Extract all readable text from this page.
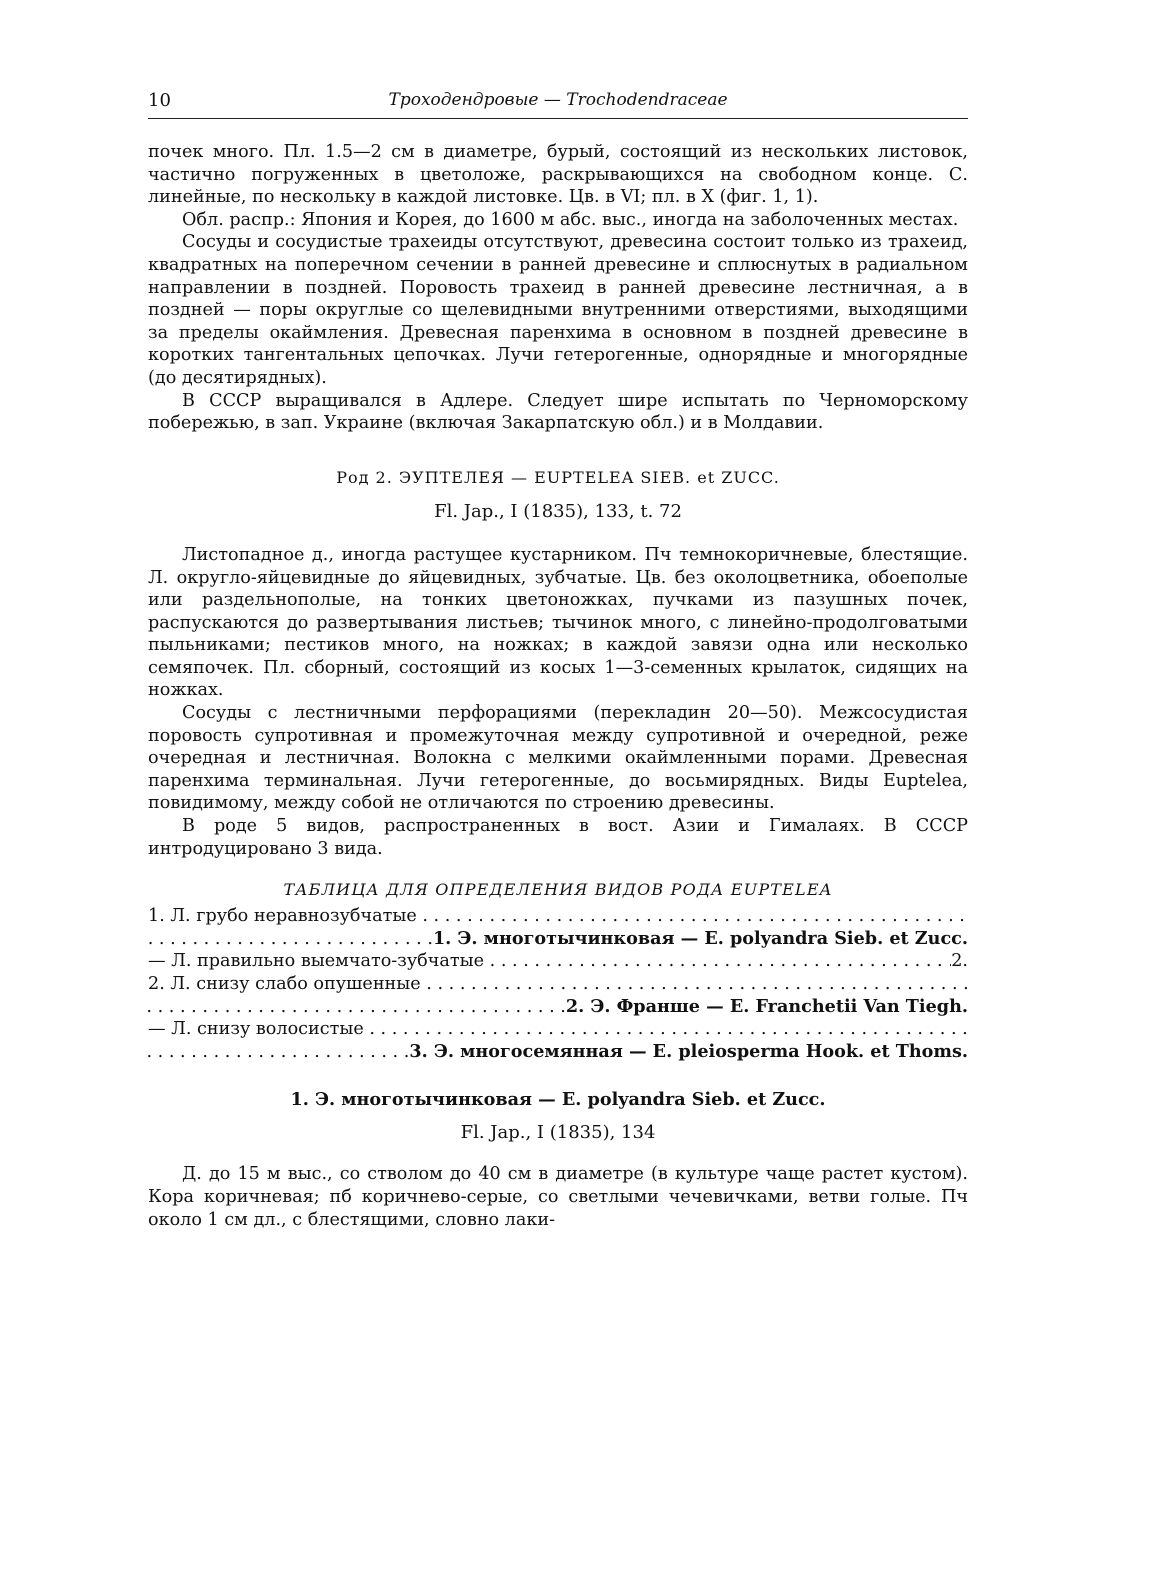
10	Троходендровые — Trochodendraceae

почек много. Пл. 1.5—2 см в диаметре, бурый, состоящий из нескольких листовок, частично погруженных в цветоложе, раскрывающихся на свободном конце. С. линейные, по нескольку в каждой листовке. Цв. в VI; пл. в X (фиг. 1, 1).

Обл. распр.: Япония и Корея, до 1600 м абс. выс., иногда на заболоченных местах.

Сосуды и сосудистые трахеиды отсутствуют, древесина состоит только из трахеид, квадратных на поперечном сечении в ранней древесине и сплюснутых в радиальном направлении в поздней. Поровость трахеид в ранней древесине лестничная, а в поздней — поры округлые со щелевидными внутренними отверстиями, выходящими за пределы окаймления. Древесная паренхима в основном в поздней древесине в коротких тангентальных цепочках. Лучи гетерогенные, однорядные и многорядные (до десятирядных).

В СССР выращивался в Адлере. Следует шире испытать по Черноморскому побережью, в зап. Украине (включая Закарпатскую обл.) и в Молдавии.

Род 2. ЭУПТЕЛЕЯ — EUPTELEA SIEB. et ZUCC.
Fl. Jap., I (1835), 133, t. 72

Листопадное д., иногда растущее кустарником. Пч темнокоричневые, блестящие. Л. округло-яйцевидные до яйцевидных, зубчатые. Цв. без околоцветника, обоеполые или раздельнополые, на тонких цветоножках, пучками из пазушных почек, распускаются до развертывания листьев; тычинок много, с линейно-продолговатыми пыльниками; пестиков много, на ножках; в каждой завязи одна или несколько семяпочек. Пл. сборный, состоящий из косых 1—3-семенных крылаток, сидящих на ножках.

Сосуды с лестничными перфорациями (перекладин 20—50). Межсосудистая поровость супротивная и промежуточная между супротивной и очередной, реже очередная и лестничная. Волокна с мелкими окаймленными порами. Древесная паренхима терминальная. Лучи гетерогенные, до восьмирядных. Виды Euptelea, повидимому, между собой не отличаются по строению древесины.

В роде 5 видов, распространенных в вост. Азии и Гималаях. В СССР интродуцировано 3 вида.

ТАБЛИЦА ДЛЯ ОПРЕДЕЛЕНИЯ ВИДОВ РОДА EUPTELEA
1. Л. грубо неравнозубчатые . . .
. . .
1. Э. многотычинковая — E. polyandra Sieb. et Zucc.
— Л. правильно выемчато-зубчатые . . .	2.
2. Л. снизу слабо опушенные . . .
. . .
2. Э. Франше — E. Franchetii Van Tiegh.
— Л. снизу волосистые . . .
. . .
3. Э. многосемянная — E. pleiosperma Hook. et Thoms.
1. Э. многотычинковая — E. polyandra Sieb. et Zucc.
Fl. Jap., I (1835), 134

Д. до 15 м выс., со стволом до 40 см в диаметре (в культуре чаще растет кустом). Кора коричневая; пб коричнево-серые, со светлыми чечевичками, ветви голые. Пч около 1 см дл., с блестящими, словно лаки-
